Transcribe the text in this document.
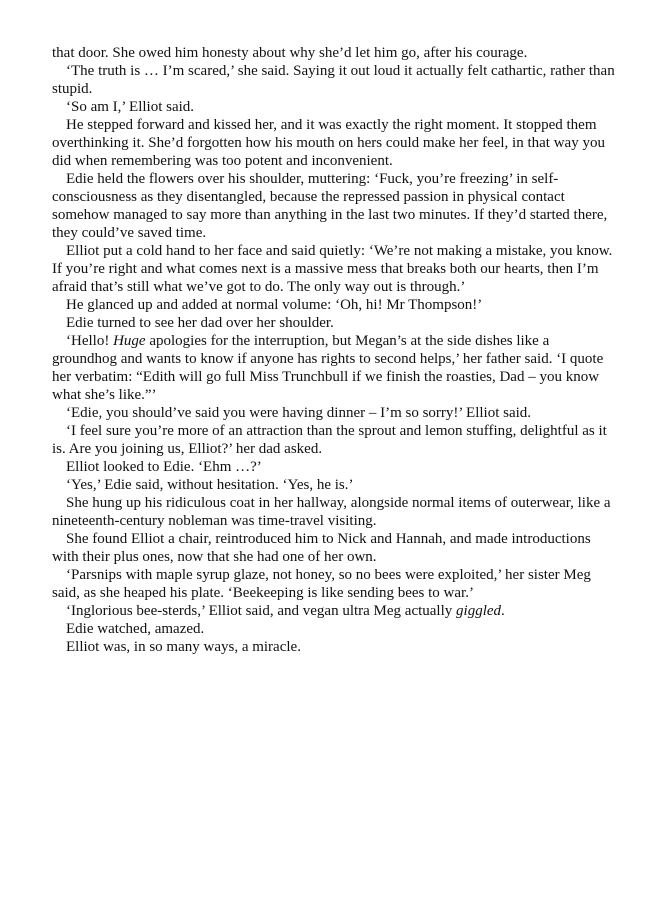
that door. She owed him honesty about why she’d let him go, after his courage.

‘The truth is … I’m scared,’ she said. Saying it out loud it actually felt cathartic, rather than stupid.

‘So am I,’ Elliot said.

He stepped forward and kissed her, and it was exactly the right moment. It stopped them overthinking it. She’d forgotten how his mouth on hers could make her feel, in that way you did when remembering was too potent and inconvenient.

Edie held the flowers over his shoulder, muttering: ‘Fuck, you’re freezing’ in self-consciousness as they disentangled, because the repressed passion in physical contact somehow managed to say more than anything in the last two minutes. If they’d started there, they could’ve saved time.

Elliot put a cold hand to her face and said quietly: ‘We’re not making a mistake, you know. If you’re right and what comes next is a massive mess that breaks both our hearts, then I’m afraid that’s still what we’ve got to do. The only way out is through.’

He glanced up and added at normal volume: ‘Oh, hi! Mr Thompson!’

Edie turned to see her dad over her shoulder.

‘Hello! Huge apologies for the interruption, but Megan’s at the side dishes like a groundhog and wants to know if anyone has rights to second helps,’ her father said. ‘I quote her verbatim: “Edith will go full Miss Trunchbull if we finish the roasties, Dad – you know what she’s like.”’

‘Edie, you should’ve said you were having dinner – I’m so sorry!’ Elliot said.

‘I feel sure you’re more of an attraction than the sprout and lemon stuffing, delightful as it is. Are you joining us, Elliot?’ her dad asked.

Elliot looked to Edie. ‘Ehm …?’

‘Yes,’ Edie said, without hesitation. ‘Yes, he is.’

She hung up his ridiculous coat in her hallway, alongside normal items of outerwear, like a nineteenth-century nobleman was time-travel visiting.

She found Elliot a chair, reintroduced him to Nick and Hannah, and made introductions with their plus ones, now that she had one of her own.

‘Parsnips with maple syrup glaze, not honey, so no bees were exploited,’ her sister Meg said, as she heaped his plate. ‘Beekeeping is like sending bees to war.’

‘Inglorious bee-sterds,’ Elliot said, and vegan ultra Meg actually giggled.

Edie watched, amazed.

Elliot was, in so many ways, a miracle.
